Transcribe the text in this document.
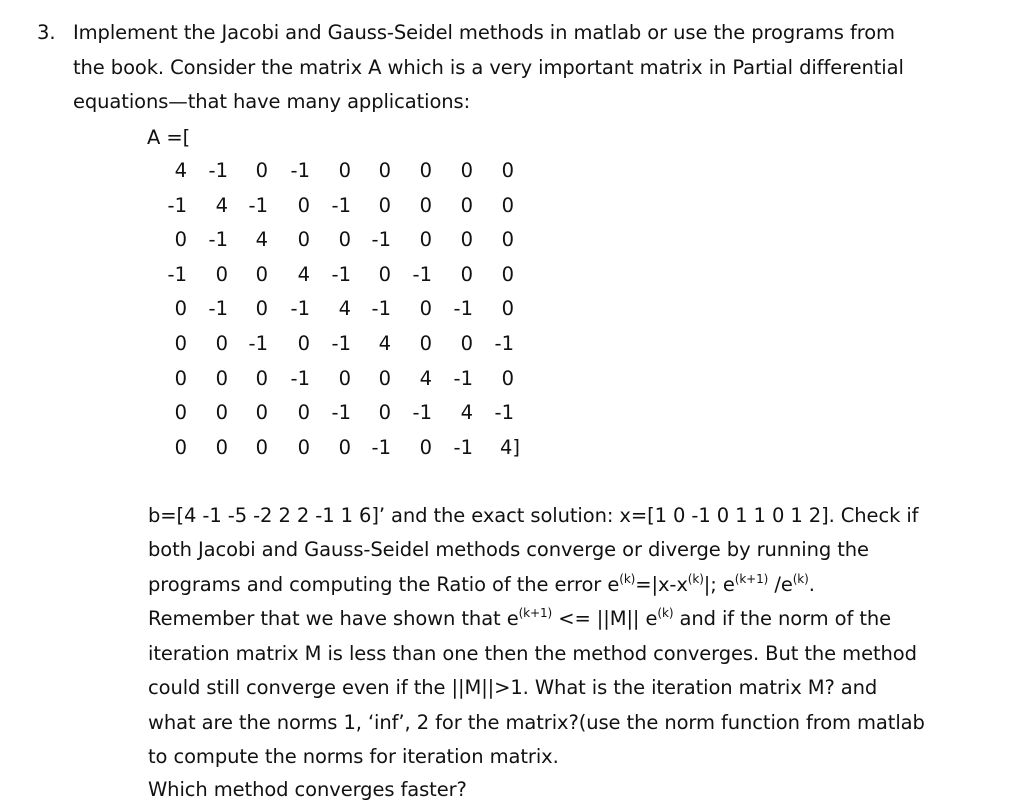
3. Implement the Jacobi and Gauss-Seidel methods in matlab or use the programs from
the book. Consider the matrix A which is a very important matrix in Partial differential
equations—that have many applications:
A =[
4	-1	0	-1	0	0	0	0	0
-1	4	-1	0	-1	0	0	0	0
0	-1	4	0	0	-1	0	0	0
-1	0	0	4	-1	0	-1	0	0
0	-1	0	-1	4	-1	0	-1	0
0	0	-1	0	-1	4	0	0	-1
0	0	0	-1	0	0	4	-1	0
0	0	0	0	-1	0	-1	4	-1
0	0	0	0	0	-1	0	-1	4]
b=[4 -1 -5 -2 2 2 -1 1 6]’ and the exact solution: x=[1 0 -1 0 1 1 0 1 2]. Check if
both Jacobi and Gauss-Seidel methods converge or diverge by running the
programs and computing the Ratio of the error $e^{(k)}=|x-x^{(k)}|$; $e^{(k+1)}$ $/e^{(k)}$.
Remember that we have shown that $e^{(k+1)} <= ||M||$ $e^{(k)}$ and if the norm of the
iteration matrix M is less than one then the method converges. But the method
could still converge even if the ||M||>1. What is the iteration matrix M? and
what are the norms 1, ‘inf’, 2 for the matrix?(use the norm function from matlab
to compute the norms for iteration matrix.
Which method converges faster?
